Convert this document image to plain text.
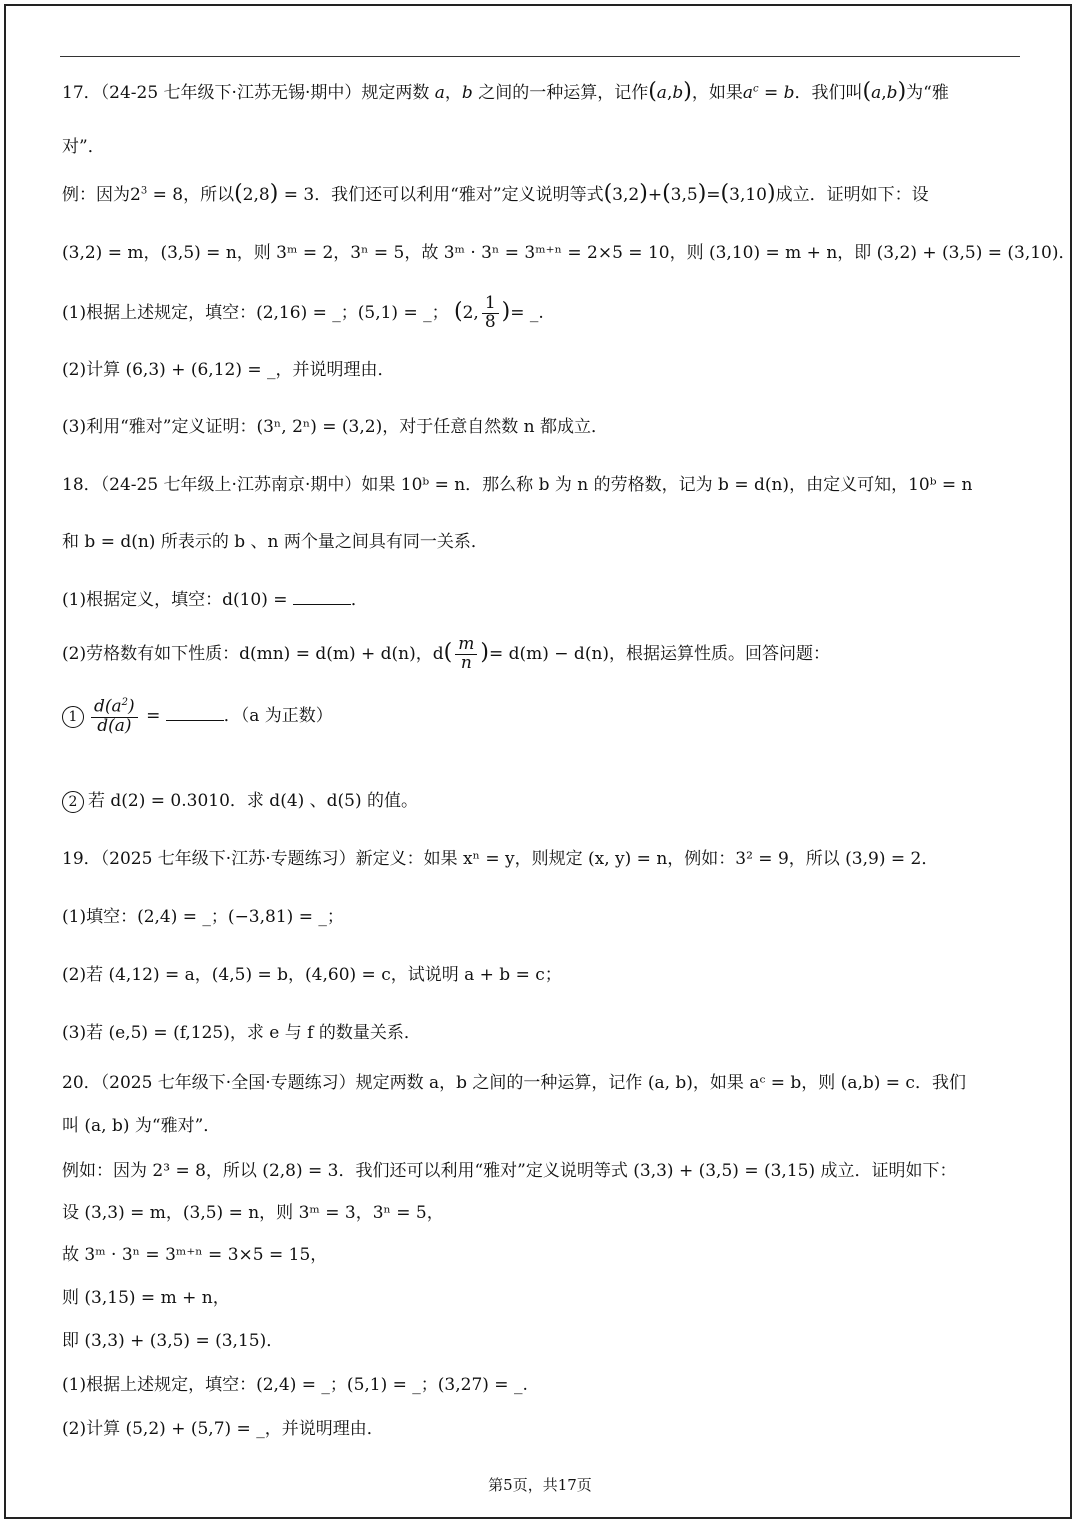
17．（24-25 七年级下·江苏无锡·期中）规定两数 a，b 之间的一种运算，记作(a,b)，如果$a^c = b$．我们叫(a,b)为“雅
对”．
例：因为$2^3 = 8$，所以(2,8) = 3．我们还可以利用“雅对”定义说明等式(3,2)+(3,5)=(3,10)成立．证明如下：设
(3,2) = m，(3,5) = n，则 3ᵐ = 2，3ⁿ = 5，故 3ᵐ · 3ⁿ = 3ᵐ⁺ⁿ = 2×5 = 10，则 (3,10) = m + n，即 (3,2) + (3,5) = (3,10)．
(1)根据上述规定，填空：(2,16) = _；(5,1) = _； (2, $\frac{1}{8}$ )= _.
(2)计算 (6,3) + (6,12) = _，并说明理由．
(3)利用“雅对”定义证明：(3ⁿ, 2ⁿ) = (3,2)，对于任意自然数 n 都成立．
18．（24-25 七年级上·江苏南京·期中）如果 10ᵇ = n．那么称 b 为 n 的劳格数，记为 b = d(n)，由定义可知，10ᵇ = n
和 b = d(n) 所表示的 b 、n 两个量之间具有同一关系．
(1)根据定义，填空：d(10) =	．
(2)劳格数有如下性质：d(mn) = d(m) + d(n)，$d( \frac{m}{n}$ )= d(m) − d(n)，根据运算性质。回答问题：
$1 \frac{d(a^2)}{d(a)}$ =	．（a 为正数）
2 若 d(2) = 0.3010．求 d(4) 、d(5) 的值。
19．（2025 七年级下·江苏·专题练习）新定义：如果 xⁿ = y，则规定 (x, y) = n，例如：3² = 9，所以 (3,9) = 2．
(1)填空：(2,4) = _；(−3,81) = _；
(2)若 (4,12) = a，(4,5) = b，(4,60) = c，试说明 a + b = c；
(3)若 (e,5) = (f,125)，求 e 与 f 的数量关系．
20．（2025 七年级下·全国·专题练习）规定两数 a，b 之间的一种运算，记作 (a, b)，如果 aᶜ = b，则 (a,b) = c．我们
叫 (a, b) 为“雅对”．
例如：因为 2³ = 8，所以 (2,8) = 3．我们还可以利用“雅对”定义说明等式 (3,3) + (3,5) = (3,15) 成立．证明如下：
设 (3,3) = m，(3,5) = n，则 3ᵐ = 3，3ⁿ = 5，
故 3ᵐ · 3ⁿ = 3ᵐ⁺ⁿ = 3×5 = 15，
则 (3,15) = m + n，
即 (3,3) + (3,5) = (3,15)．
(1)根据上述规定，填空：(2,4) = _；(5,1) = _；(3,27) = _.
(2)计算 (5,2) + (5,7) = _，并说明理由．
第5页，共17页
